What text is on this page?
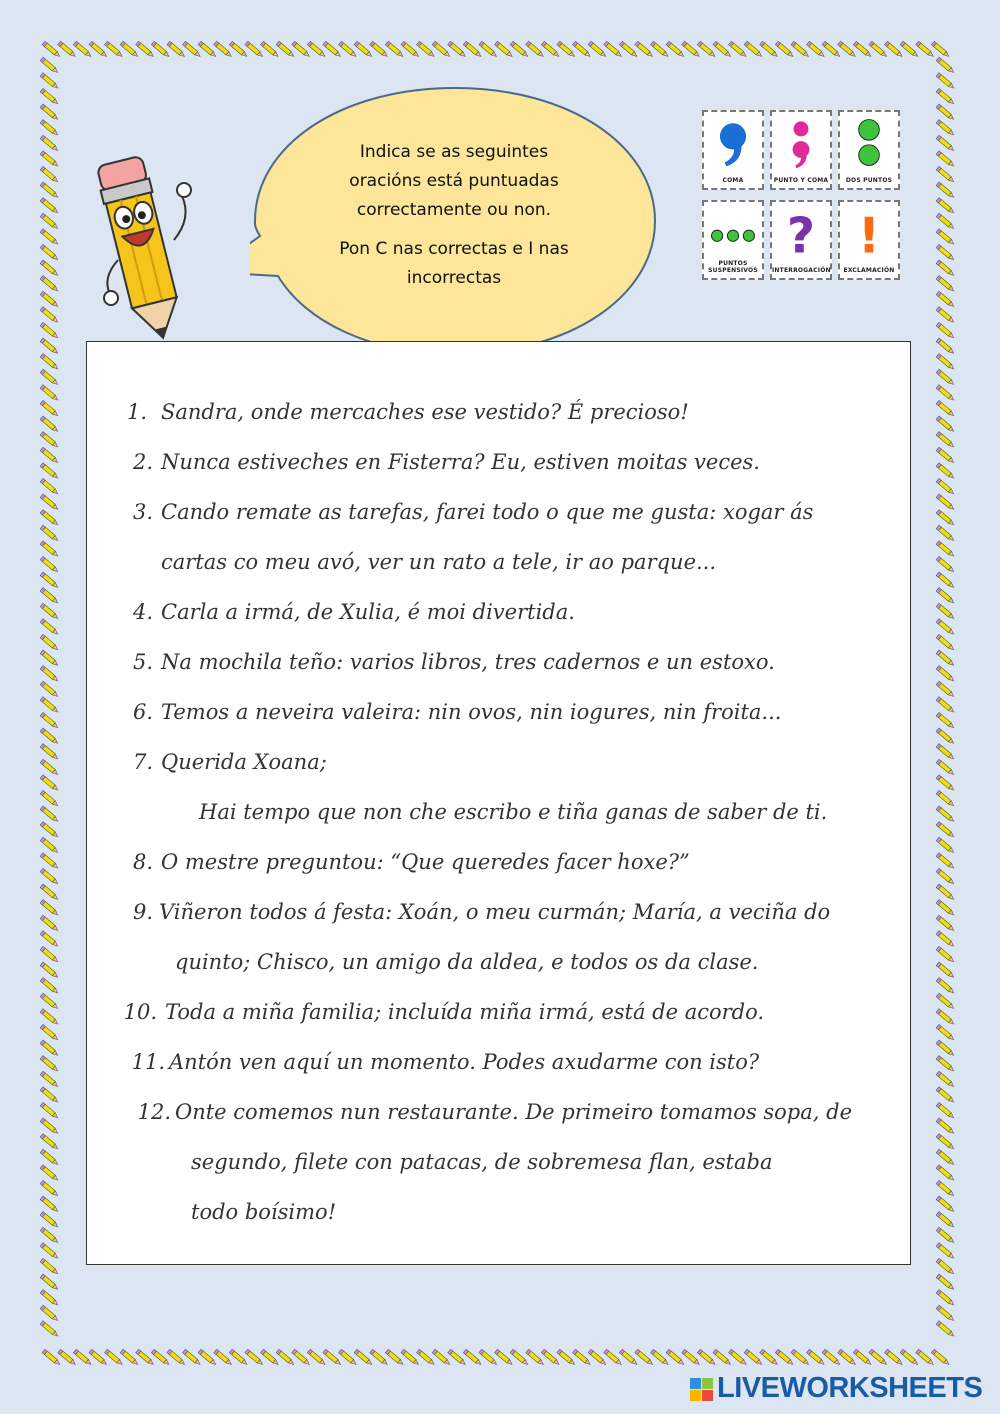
Indica se as seguintes
oracións está puntuadas
correctamente ou non.

Pon C nas correctas e I nas
incorrectas

COMA	PUNTO Y COMA	DOS PUNTOS
PUNTOS SUSPENSIVOS
?
INTERROGACIÓN
!
EXCLAMACIÓN
1. Sandra, onde mercaches ese vestido? É precioso!
2. Nunca estiveches en Fisterra? Eu, estiven moitas veces.
3. Cando remate as tarefas, farei todo o que me gusta: xogar ás
cartas co meu avó, ver un rato a tele, ir ao parque...
4. Carla a irmá, de Xulia, é moi divertida.
5. Na mochila teño: varios libros, tres cadernos e un estoxo.
6. Temos a neveira valeira: nin ovos, nin iogures, nin froita...
7. Querida Xoana;
Hai tempo que non che escribo e tiña ganas de saber de ti.
8. O mestre preguntou: “Que queredes facer hoxe?”
9. Viñeron todos á festa: Xoán, o meu curmán; María, a veciña do
quinto; Chisco, un amigo da aldea, e todos os da clase.
10. Toda a miña familia; incluída miña irmá, está de acordo.
11. Antón ven aquí un momento. Podes axudarme con isto?
12. Onte comemos nun restaurante. De primeiro tomamos sopa, de
segundo, filete con patacas, de sobremesa flan, estaba
todo boísimo!
LIVEWORKSHEETS
